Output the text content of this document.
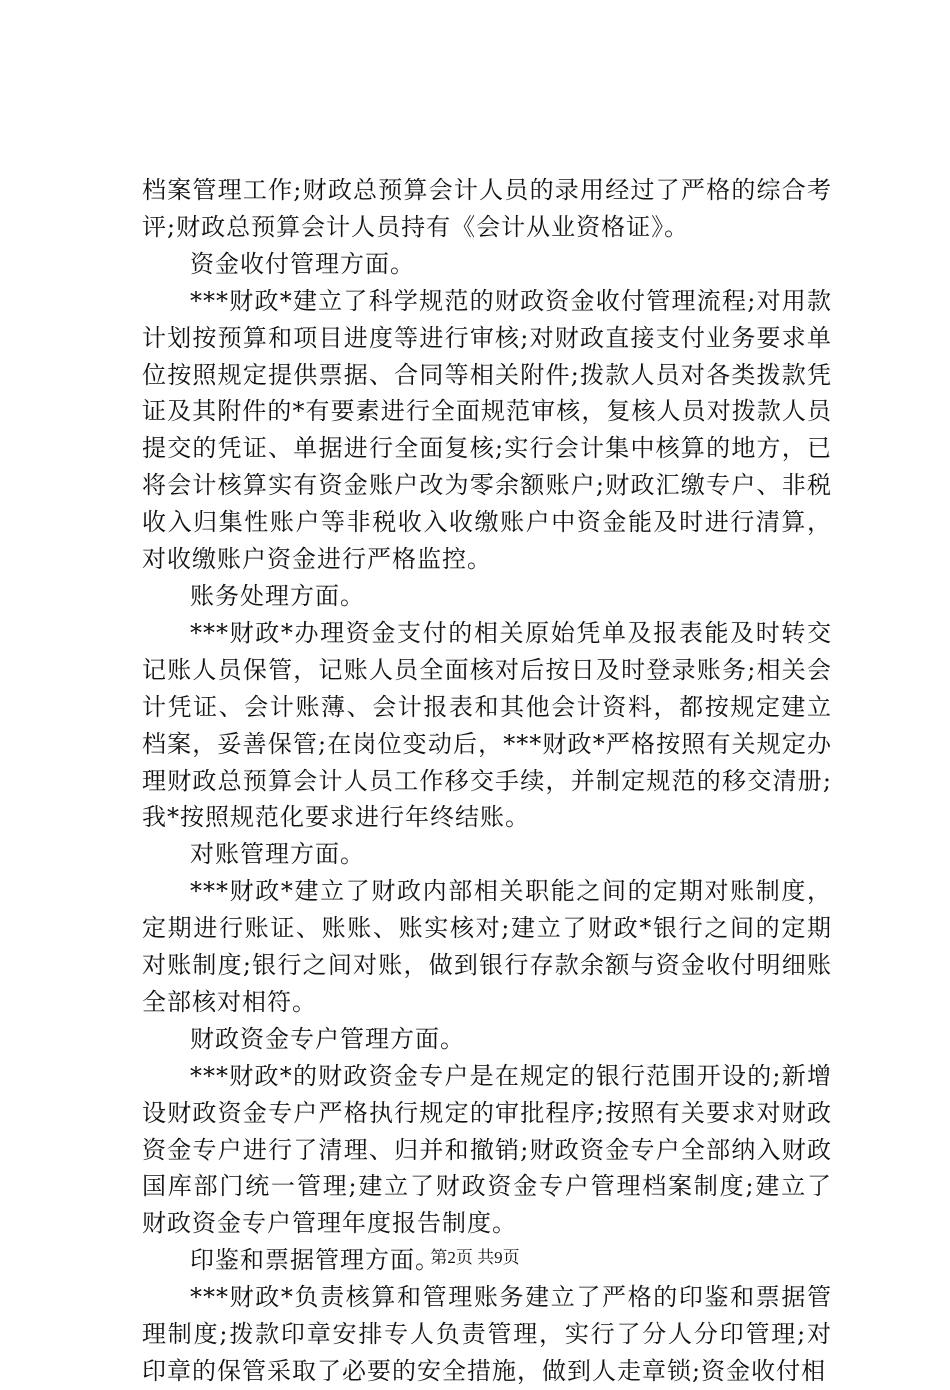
档案管理工作;财政总预算会计人员的录用经过了严格的综合考评;财政总预算会计人员持有《会计从业资格证》。

资金收付管理方面。

***财政*建立了科学规范的财政资金收付管理流程;对用款计划按预算和项目进度等进行审核;对财政直接支付业务要求单位按照规定提供票据、合同等相关附件;拨款人员对各类拨款凭证及其附件的*有要素进行全面规范审核，复核人员对拨款人员提交的凭证、单据进行全面复核;实行会计集中核算的地方，已将会计核算实有资金账户改为零余额账户;财政汇缴专户、非税收入归集性账户等非税收入收缴账户中资金能及时进行清算，对收缴账户资金进行严格监控。

账务处理方面。

***财政*办理资金支付的相关原始凭单及报表能及时转交记账人员保管，记账人员全面核对后按日及时登录账务;相关会计凭证、会计账薄、会计报表和其他会计资料，都按规定建立档案，妥善保管;在岗位变动后，***财政*严格按照有关规定办理财政总预算会计人员工作移交手续，并制定规范的移交清册;我*按照规范化要求进行年终结账。

对账管理方面。

***财政*建立了财政内部相关职能之间的定期对账制度，定期进行账证、账账、账实核对;建立了财政*银行之间的定期对账制度;银行之间对账，做到银行存款余额与资金收付明细账全部核对相符。

财政资金专户管理方面。

***财政*的财政资金专户是在规定的银行范围开设的;新增设财政资金专户严格执行规定的审批程序;按照有关要求对财政资金专户进行了清理、归并和撤销;财政资金专户全部纳入财政国库部门统一管理;建立了财政资金专户管理档案制度;建立了财政资金专户管理年度报告制度。

印鉴和票据管理方面。

***财政*负责核算和管理账务建立了严格的印鉴和票据管理制度;拨款印章安排专人负责管理，实行了分人分印管理;对印章的保管采取了必要的安全措施，做到人走章锁;资金收付相

第2页 共9页
